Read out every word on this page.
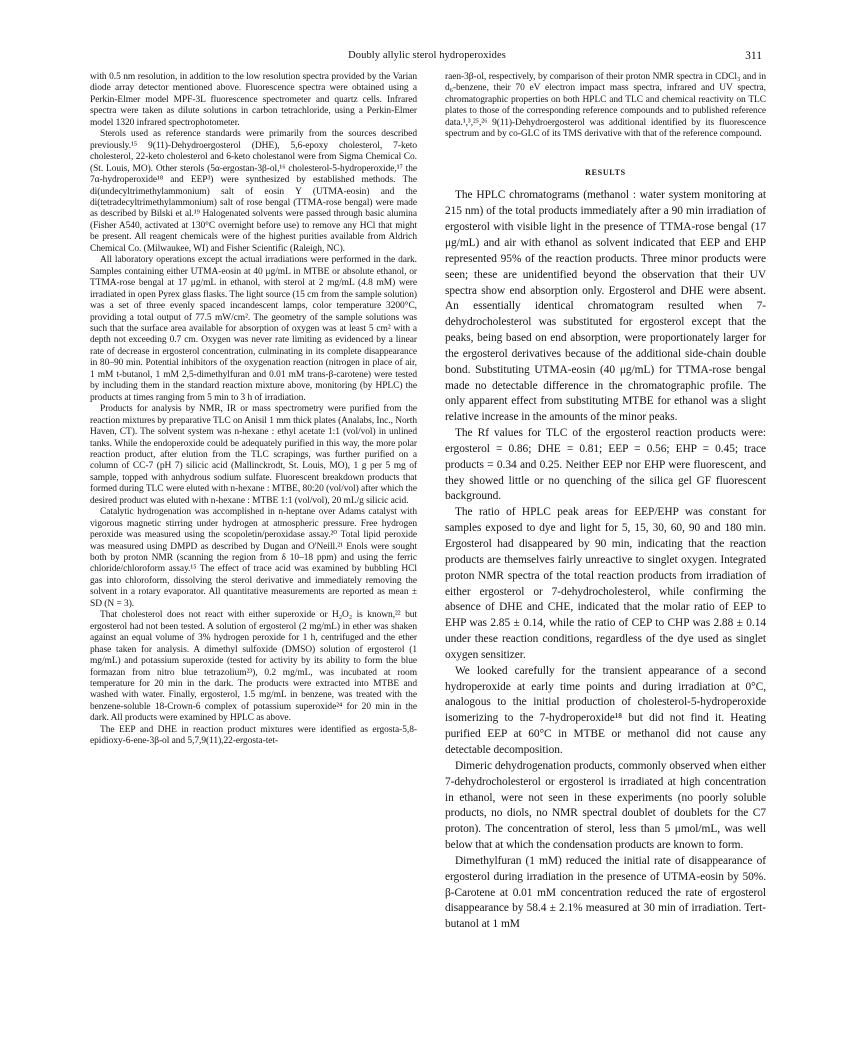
Doubly allylic sterol hydroperoxides	311

with 0.5 nm resolution, in addition to the low resolution spectra provided by the Varian diode array detector mentioned above. Fluorescence spectra were obtained using a Perkin-Elmer model MPF-3L fluorescence spectrometer and quartz cells. Infrared spectra were taken as dilute solutions in carbon tetrachloride, using a Perkin-Elmer model 1320 infrared spectrophotometer.

Sterols used as reference standards were primarily from the sources described previously.¹⁵ 9(11)-Dehydroergosterol (DHE), 5,6-epoxy cholesterol, 7-keto cholesterol, 22-keto cholesterol and 6-keto cholestanol were from Sigma Chemical Co. (St. Louis, MO). Other sterols (5α-ergostan-3β-ol,¹⁶ cholesterol-5-hydroperoxide,¹⁷ the 7α-hydroperoxide¹⁸ and EEP³) were synthesized by established methods. The di(undecyltrimethylammonium) salt of eosin Y (UTMA-eosin) and the di(tetradecyltrimethylammonium) salt of rose bengal (TTMA-rose bengal) were made as described by Bilski et al.¹⁹ Halogenated solvents were passed through basic alumina (Fisher A540, activated at 130°C overnight before use) to remove any HCl that might be present. All reagent chemicals were of the highest purities available from Aldrich Chemical Co. (Milwaukee, WI) and Fisher Scientific (Raleigh, NC).

All laboratory operations except the actual irradiations were performed in the dark. Samples containing either UTMA-eosin at 40 μg/mL in MTBE or absolute ethanol, or TTMA-rose bengal at 17 μg/mL in ethanol, with sterol at 2 mg/mL (4.8 mM) were irradiated in open Pyrex glass flasks. The light source (15 cm from the sample solution) was a set of three evenly spaced incandescent lamps, color temperature 3200°C, providing a total output of 77.5 mW/cm². The geometry of the sample solutions was such that the surface area available for absorption of oxygen was at least 5 cm² with a depth not exceeding 0.7 cm. Oxygen was never rate limiting as evidenced by a linear rate of decrease in ergosterol concentration, culminating in its complete disappearance in 80–90 min. Potential inhibitors of the oxygenation reaction (nitrogen in place of air, 1 mM t-butanol, 1 mM 2,5-dimethylfuran and 0.01 mM trans-β-carotene) were tested by including them in the standard reaction mixture above, monitoring (by HPLC) the products at times ranging from 5 min to 3 h of irradiation.

Products for analysis by NMR, IR or mass spectrometry were purified from the reaction mixtures by preparative TLC on Anisil 1 mm thick plates (Analabs, Inc., North Haven, CT). The solvent system was n-hexane : ethyl acetate 1:1 (vol/vol) in unlined tanks. While the endoperoxide could be adequately purified in this way, the more polar reaction product, after elution from the TLC scrapings, was further purified on a column of CC-7 (pH 7) silicic acid (Mallinckrodt, St. Louis, MO), 1 g per 5 mg of sample, topped with anhydrous sodium sulfate. Fluorescent breakdown products that formed during TLC were eluted with n-hexane : MTBE, 80:20 (vol/vol) after which the desired product was eluted with n-hexane : MTBE 1:1 (vol/vol), 20 mL/g silicic acid.

Catalytic hydrogenation was accomplished in n-heptane over Adams catalyst with vigorous magnetic stirring under hydrogen at atmospheric pressure. Free hydrogen peroxide was measured using the scopoletin/peroxidase assay.²⁰ Total lipid peroxide was measured using DMPD as described by Dugan and O'Neill.²¹ Enols were sought both by proton NMR (scanning the region from δ 10–18 ppm) and using the ferric chloride/chloroform assay.¹⁵ The effect of trace acid was examined by bubbling HCl gas into chloroform, dissolving the sterol derivative and immediately removing the solvent in a rotary evaporator. All quantitative measurements are reported as mean ± SD (N = 3).

That cholesterol does not react with either superoxide or H₂O₂ is known,²² but ergosterol had not been tested. A solution of ergosterol (2 mg/mL) in ether was shaken against an equal volume of 3% hydrogen peroxide for 1 h, centrifuged and the ether phase taken for analysis. A dimethyl sulfoxide (DMSO) solution of ergosterol (1 mg/mL) and potassium superoxide (tested for activity by its ability to form the blue formazan from nitro blue tetrazolium²³), 0.2 mg/mL, was incubated at room temperature for 20 min in the dark. The products were extracted into MTBE and washed with water. Finally, ergosterol, 1.5 mg/mL in benzene, was treated with the benzene-soluble 18-Crown-6 complex of potassium superoxide²⁴ for 20 min in the dark. All products were examined by HPLC as above.

The EEP and DHE in reaction product mixtures were identified as ergosta-5,8-epidioxy-6-ene-3β-ol and 5,7,9(11),22-ergosta-tet-

raen-3β-ol, respectively, by comparison of their proton NMR spectra in CDCl₃ and in d₆-benzene, their 70 eV electron impact mass spectra, infrared and UV spectra, chromatographic properties on both HPLC and TLC and chemical reactivity on TLC plates to those of the corresponding reference compounds and to published reference data.¹,³,²⁵,²⁶ 9(11)-Dehydroergosterol was additional identified by its fluorescence spectrum and by co-GLC of its TMS derivative with that of the reference compound.

RESULTS

The HPLC chromatograms (methanol : water system monitoring at 215 nm) of the total products immediately after a 90 min irradiation of ergosterol with visible light in the presence of TTMA-rose bengal (17 μg/mL) and air with ethanol as solvent indicated that EEP and EHP represented 95% of the reaction products. Three minor products were seen; these are unidentified beyond the observation that their UV spectra show end absorption only. Ergosterol and DHE were absent. An essentially identical chromatogram resulted when 7-dehydrocholesterol was substituted for ergosterol except that the peaks, being based on end absorption, were proportionately larger for the ergosterol derivatives because of the additional side-chain double bond. Substituting UTMA-eosin (40 μg/mL) for TTMA-rose bengal made no detectable difference in the chromatographic profile. The only apparent effect from substituting MTBE for ethanol was a slight relative increase in the amounts of the minor peaks.

The Rf values for TLC of the ergosterol reaction products were: ergosterol = 0.86; DHE = 0.81; EEP = 0.56; EHP = 0.45; trace products = 0.34 and 0.25. Neither EEP nor EHP were fluorescent, and they showed little or no quenching of the silica gel GF fluorescent background.

The ratio of HPLC peak areas for EEP/EHP was constant for samples exposed to dye and light for 5, 15, 30, 60, 90 and 180 min. Ergosterol had disappeared by 90 min, indicating that the reaction products are themselves fairly unreactive to singlet oxygen. Integrated proton NMR spectra of the total reaction products from irradiation of either ergosterol or 7-dehydrocholesterol, while confirming the absence of DHE and CHE, indicated that the molar ratio of EEP to EHP was 2.85 ± 0.14, while the ratio of CEP to CHP was 2.88 ± 0.14 under these reaction conditions, regardless of the dye used as singlet oxygen sensitizer.

We looked carefully for the transient appearance of a second hydroperoxide at early time points and during irradiation at 0°C, analogous to the initial production of cholesterol-5-hydroperoxide isomerizing to the 7-hydroperoxide¹⁸ but did not find it. Heating purified EEP at 60°C in MTBE or methanol did not cause any detectable decomposition.

Dimeric dehydrogenation products, commonly observed when either 7-dehydrocholesterol or ergosterol is irradiated at high concentration in ethanol, were not seen in these experiments (no poorly soluble products, no diols, no NMR spectral doublet of doublets for the C7 proton). The concentration of sterol, less than 5 μmol/mL, was well below that at which the condensation products are known to form.

Dimethylfuran (1 mM) reduced the initial rate of disappearance of ergosterol during irradiation in the presence of UTMA-eosin by 50%. β-Carotene at 0.01 mM concentration reduced the rate of ergosterol disappearance by 58.4 ± 2.1% measured at 30 min of irradiation. Tert-butanol at 1 mM
